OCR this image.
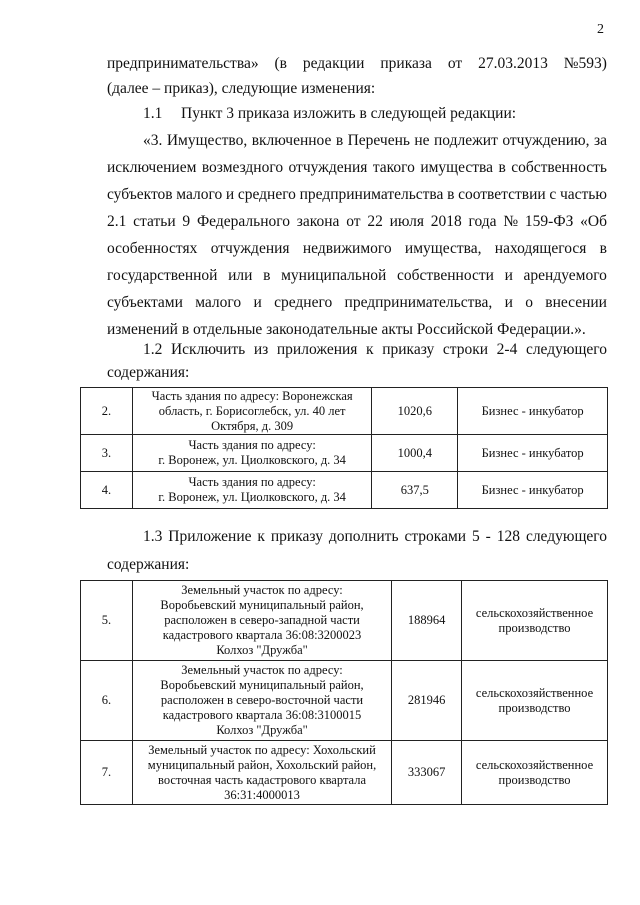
2
предпринимательства» (в редакции приказа от 27.03.2013 №593)
(далее – приказ), следующие изменения:
1.1 Пункт 3 приказа изложить в следующей редакции:
«3. Имущество, включенное в Перечень не подлежит отчуждению, за
исключением возмездного отчуждения такого имущества в собственность
субъектов малого и среднего предпринимательства в соответствии с частью
2.1 статьи 9 Федерального закона от 22 июля 2018 года № 159-ФЗ «Об
особенностях отчуждения недвижимого имущества, находящегося в
государственной или в муниципальной собственности и арендуемого
субъектами малого и среднего предпринимательства, и о внесении
изменений в отдельные законодательные акты Российской Федерации.».
1.2 Исключить из приложения к приказу строки 2-4 следующего
содержания:
2.	Часть здания по адресу: Воронежская
область, г. Борисоглебск, ул. 40 лет
Октября, д. 309	1020,6	Бизнес - инкубатор
3.	Часть здания по адресу:
г. Воронеж, ул. Циолковского, д. 34	1000,4	Бизнес - инкубатор
4.	Часть здания по адресу:
г. Воронеж, ул. Циолковского, д. 34	637,5	Бизнес - инкубатор
1.3 Приложение к приказу дополнить строками 5 - 128 следующего
содержания:
5.	Земельный участок по адресу:
Воробьевский муниципальный район,
расположен в северо-западной части
кадастрового квартала 36:08:3200023
Колхоз "Дружба"	188964	сельскохозяйственное
производство
6.	Земельный участок по адресу:
Воробьевский муниципальный район,
расположен в северо-восточной части
кадастрового квартала 36:08:3100015
Колхоз "Дружба"	281946	сельскохозяйственное
производство
7.	Земельный участок по адресу: Хохольский
муниципальный район, Хохольский район,
восточная часть кадастрового квартала
36:31:4000013	333067	сельскохозяйственное
производство
